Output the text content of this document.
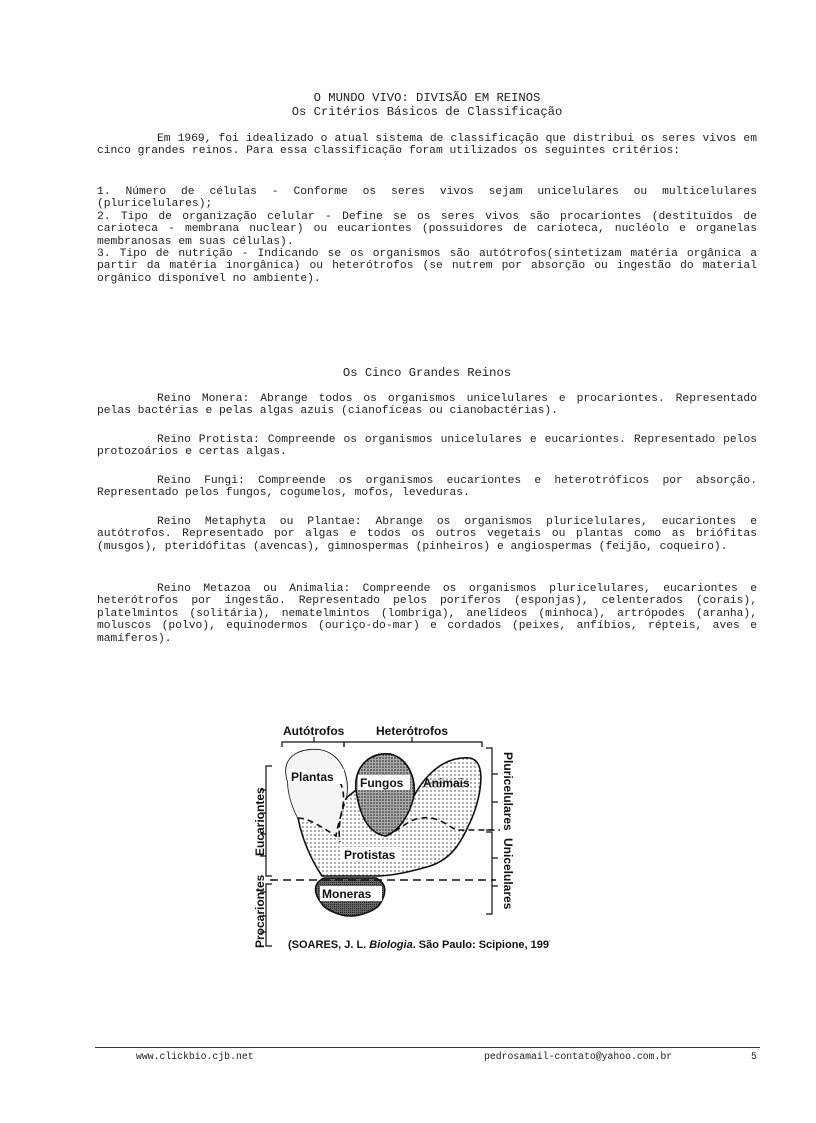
O MUNDO VIVO: DIVISÃO EM REINOS
Os Critérios Básicos de Classificação

Em 1969, foi idealizado o atual sistema de classificação que distribui os seres vivos em cinco grandes reinos. Para essa classificação foram utilizados os seguintes critérios:

1. Número de células - Conforme os seres vivos sejam unicelulares ou multicelulares (pluricelulares);

2. Tipo de organização celular - Define se os seres vivos são procariontes (destituídos de carioteca - membrana nuclear) ou eucariontes (possuidores de carioteca, nucléolo e organelas membranosas em suas células).

3. Tipo de nutrição - Indicando se os organismos são autótrofos(sintetizam matéria orgânica a partir da matéria inorgânica) ou heterótrofos (se nutrem por absorção ou ingestão do material orgânico disponível no ambiente).

Os Cinco Grandes Reinos

Reino Monera: Abrange todos os organismos unicelulares e procariontes. Representado pelas bactérias e pelas algas azuis (cianofíceas ou cianobactérias).

Reino Protista: Compreende os organismos unicelulares e eucariontes. Representado pelos protozoários e certas algas.

Reino Fungi: Compreende os organismos eucariontes e heterotróficos por absorção. Representado pelos fungos, cogumelos, mofos, leveduras.

Reino Metaphyta ou Plantae: Abrange os organismos pluricelulares, eucariontes e autótrofos. Representado por algas e todos os outros vegetais ou plantas como as briófitas (musgos), pteridófitas (avencas), gimnospermas (pinheiros) e angiospermas (feijão, coqueiro).

Reino Metazoa ou Animalia: Compreende os organismos pluricelulares, eucariontes e heterótrofos por ingestão. Representado pelos poríferos (esponjas), celenterados (corais), platelmintos (solitária), nematelmintos (lombriga), anelídeos (minhoca), artrópodes (aranha), moluscos (polvo), equinodermos (ouriço-do-mar) e cordados (peixes, anfíbios, répteis, aves e mamíferos).

Autótrofos	Heterótrofos
Plantas Fungos Animais
Protistas
Moneras
Eucariontes
Procariontes
Pluricelulares
Unicelulares
(SOARES, J. L. Biologia. São Paulo: Scipione, 1997.)
www.clickbio.cjb.net	pedrosamail-contato@yahoo.com.br	5
